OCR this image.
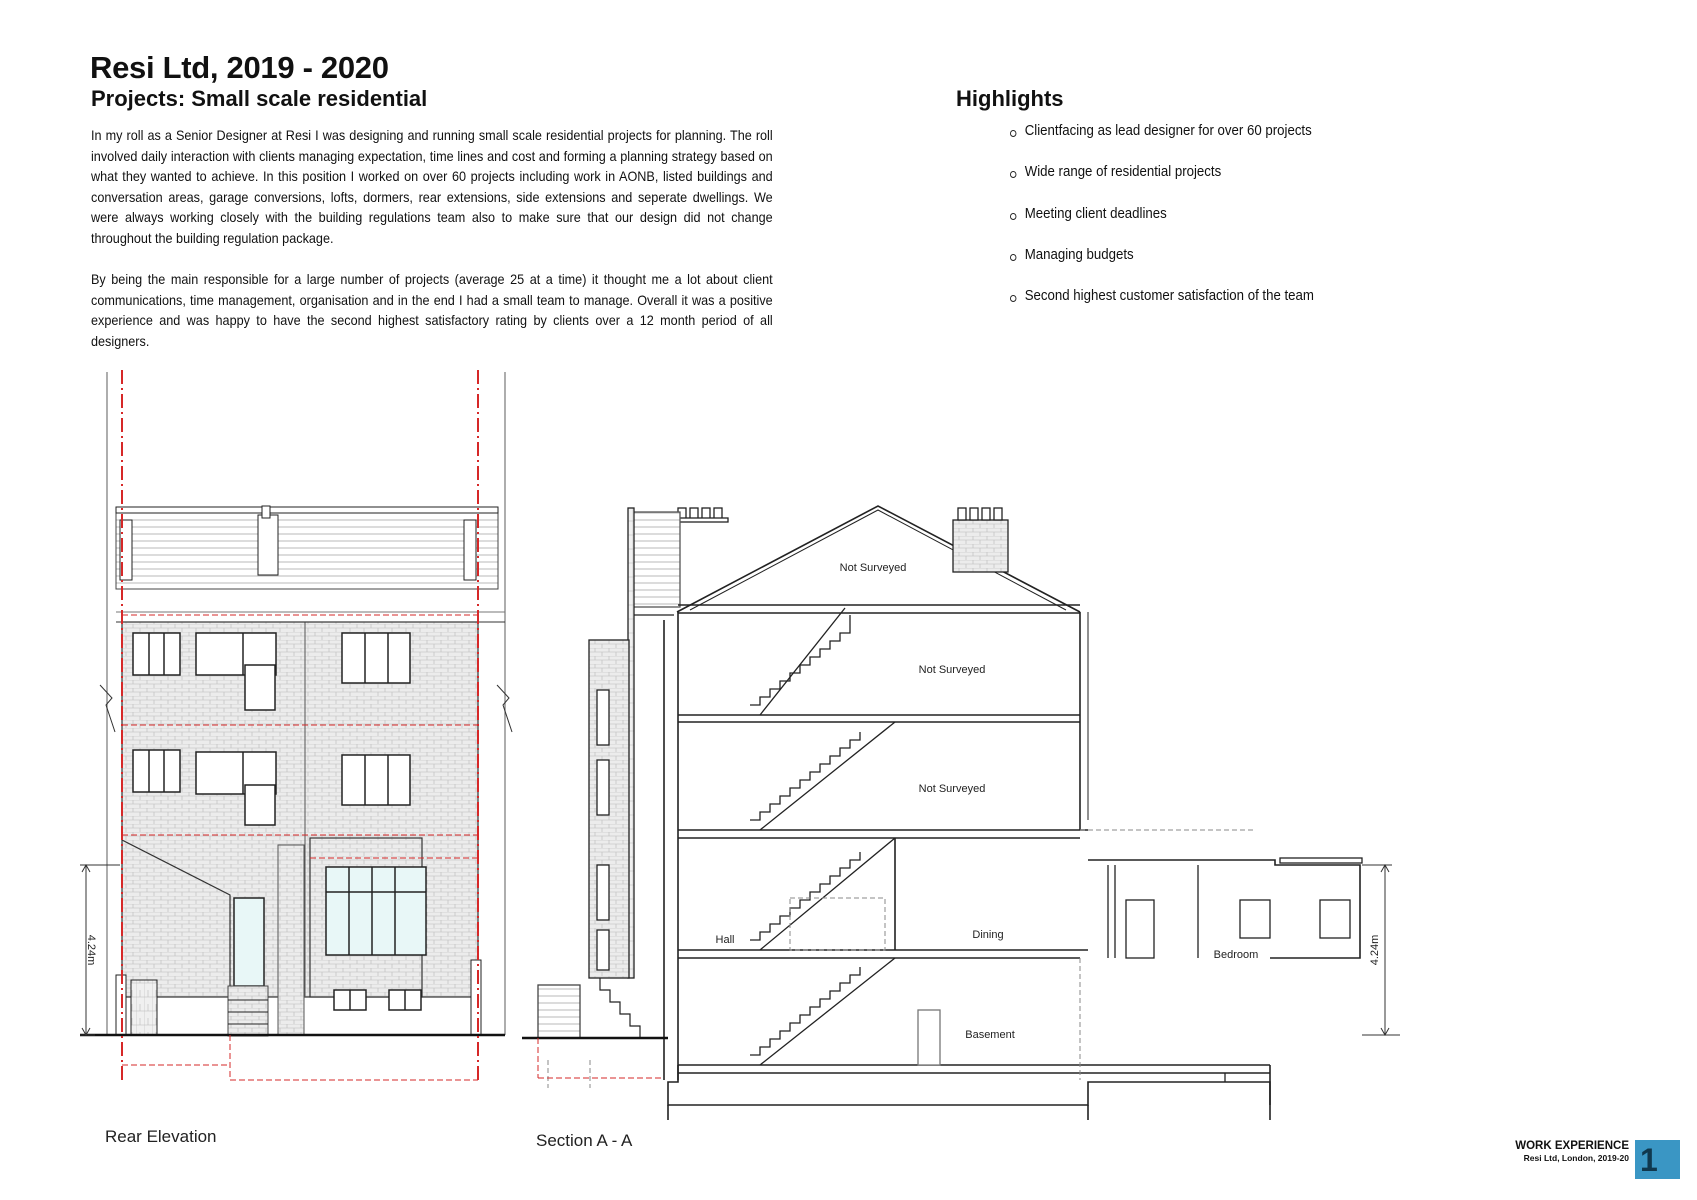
Resi Ltd, 2019 - 2020
Projects: Small scale residential	Highlights

In my roll as a Senior Designer at Resi I was designing and running small scale residential projects for planning. The roll involved daily interaction with clients managing expectation, time lines and cost and forming a planning strategy based on what they wanted to achieve. In this position I worked on over 60 projects including work in AONB, listed buildings and conversation areas, garage conversions, lofts, dormers, rear extensions, side extensions and seperate dwellings. We were always working closely with the building regulations team also to make sure that our design did not change throughout the building regulation package.

By being the main responsible for a large number of projects (average 25 at a time) it thought me a lot about client communications, time management, organisation and in the end I had a small team to manage. Overall it was a positive experience and was happy to have the second highest satisfactory rating by clients over a 12 month period of all designers.

Clientfacing as lead designer for over 60 projects
Wide range of residential projects
Meeting client deadlines
Managing budgets
Second highest customer satisfaction of the team
4.24m
Not Surveyed
Not Surveyed
Not Surveyed
Hall	Dining
Bedroom
Basement
4.24m

Rear Elevation	Section A - A	WORK EXPERIENCE
Resi Ltd, London, 2019-20 1
